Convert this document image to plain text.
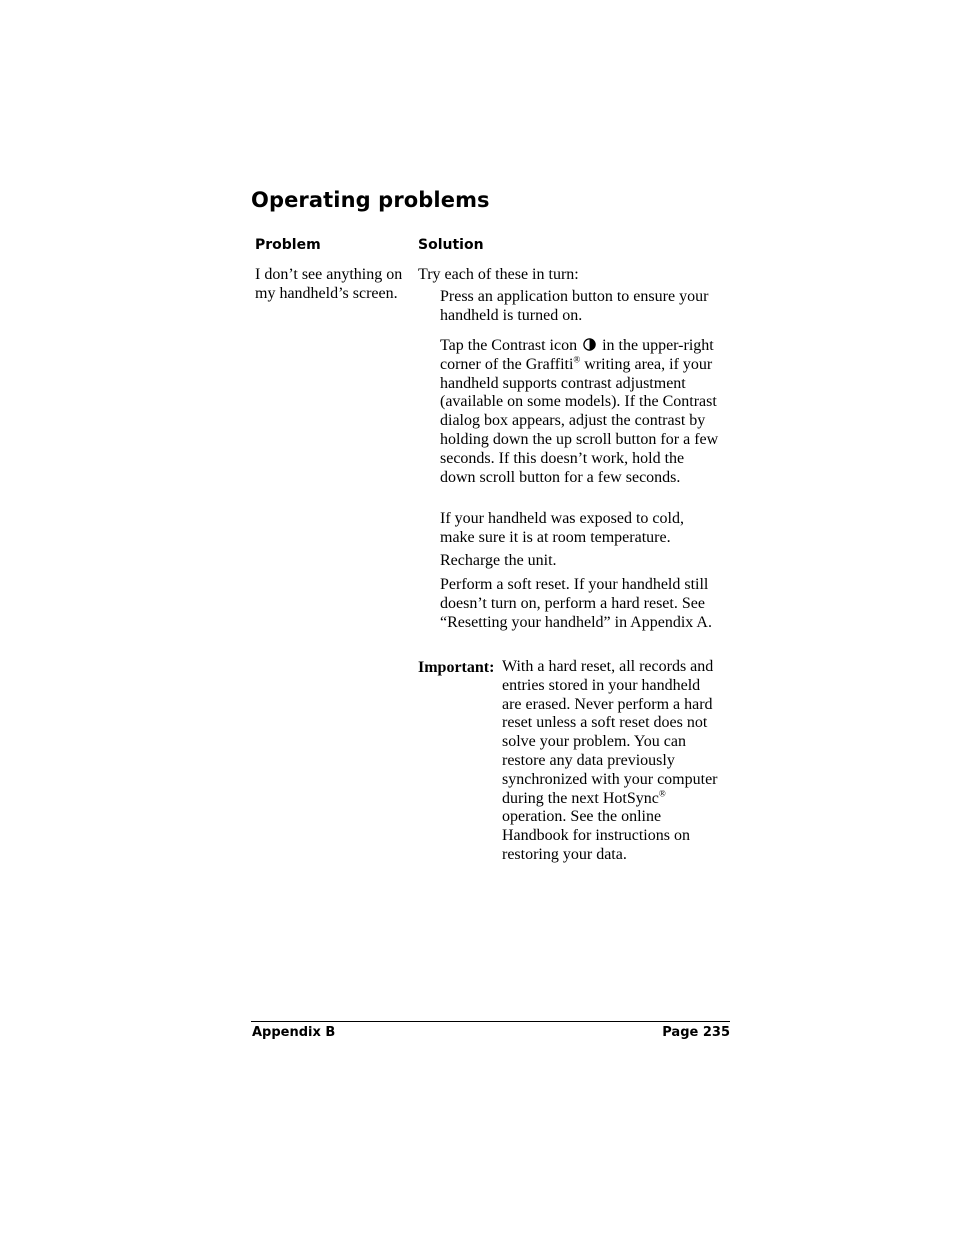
Operating problems
Problem	Solution
I don’t see anything on my handheld’s screen.
Try each of these in turn:
Press an application button to ensure your handheld is turned on.
Tap the Contrast icon in the upper-right corner of the Graffiti® writing area, if your handheld supports contrast adjustment (available on some models). If the Contrast dialog box appears, adjust the contrast by holding down the up scroll button for a few seconds. If this doesn’t work, hold the down scroll button for a few seconds.
If your handheld was exposed to cold, make sure it is at room temperature.
Recharge the unit.
Perform a soft reset. If your handheld still doesn’t turn on, perform a hard reset. See “Resetting your handheld” in Appendix A.
Important: With a hard reset, all records and entries stored in your handheld are erased. Never perform a hard reset unless a soft reset does not solve your problem. You can restore any data previously synchronized with your computer during the next HotSync® operation. See the online Handbook for instructions on restoring your data.
Appendix B	Page 235
